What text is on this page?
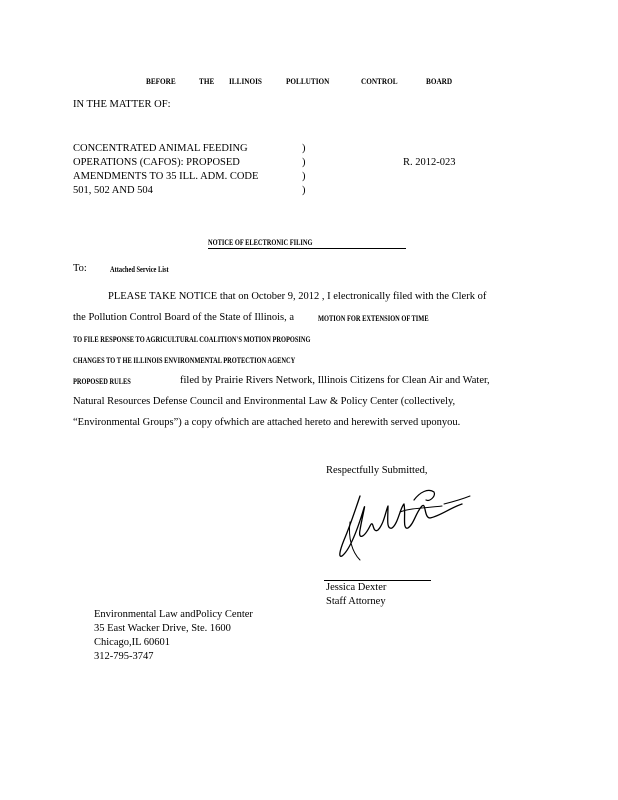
BEFORE	THE ILLINOIS	POLLUTION	CONTROL	BOARD
IN THE MATTER OF:
CONCENTRATED ANIMAL FEEDING
OPERATIONS (CAFOS): PROPOSED
AMENDMENTS TO 35 ILL. ADM. CODE
501, 502 AND 504
)
)
)
)
R. 2012-023
NOTICE OF ELECTRONIC FILING
To:	Attached Service List
PLEASE TAKE NOTICE that on October 9, 2012 , I electronically filed with the Clerk of
the Pollution Control Board of the State of Illinois, a	MOTION FOR EXTENSION OF TIME
TO FILE RESPONSE TO AGRICULTURAL COALITION'S MOTION PROPOSING
CHANGES TO T HE ILLINOIS ENVIRONMENTAL PROTECTION AGENCY
PROPOSED RULES	filed by Prairie Rivers Network, Illinois Citizens for Clean Air and Water,
Natural Resources Defense Council and Environmental Law & Policy Center (collectively,
“Environmental Groups”) a copy ofwhich are attached hereto and herewith served uponyou.
Respectfully Submitted,
Jessica Dexter
Staff Attorney
Environmental Law andPolicy Center
35 East Wacker Drive, Ste. 1600
Chicago,IL 60601
312-795-3747
